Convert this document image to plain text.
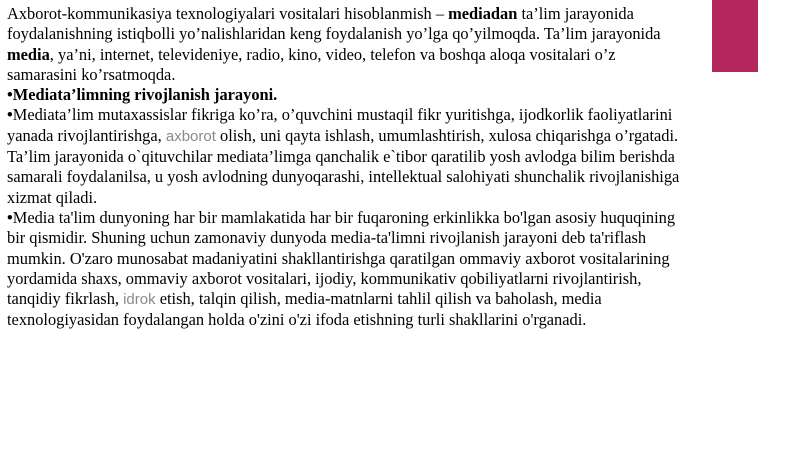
Axborot-kommunikasiya texnologiyalari vositalari hisoblanmish – mediadan ta’lim jarayonida foydalanishning istiqbolli yo’nalishlaridan keng foydalanish yo’lga qo’yilmoqda. Ta’lim jarayonida media, ya’ni, internet, televideniye, radio, kino, video, telefon va boshqa aloqa vositalari o’z samarasini ko’rsatmoqda.

•Mediata’limning rivojlanish jarayoni.

•Mediata’lim mutaxassislar fikriga ko’ra, o’quvchini mustaqil fikr yuritishga, ijodkorlik faoliyatlarini yanada rivojlantirishga, axborot olish, uni qayta ishlash, umumlashtirish, xulosa chiqarishga o’rgatadi. Ta’lim jarayonida o`qituvchilar mediata’limga qanchalik e`tibor qaratilib yosh avlodga bilim berishda samarali foydalanilsa, u yosh avlodning dunyoqarashi, intellektual salohiyati shunchalik rivojlanishiga xizmat qiladi.

•Media ta'lim dunyoning har bir mamlakatida har bir fuqaroning erkinlikka bo'lgan asosiy huquqining bir qismidir. Shuning uchun zamonaviy dunyoda media-ta'limni rivojlanish jarayoni deb ta'riflash mumkin. O'zaro munosabat madaniyatini shakllantirishga qaratilgan ommaviy axborot vositalarining yordamida shaxs, ommaviy axborot vositalari, ijodiy, kommunikativ qobiliyatlarni rivojlantirish, tanqidiy fikrlash, idrok etish, talqin qilish, media-matnlarni tahlil qilish va baholash, media texnologiyasidan foydalangan holda o'zini o'zi ifoda etishning turli shakllarini o'rganadi.
